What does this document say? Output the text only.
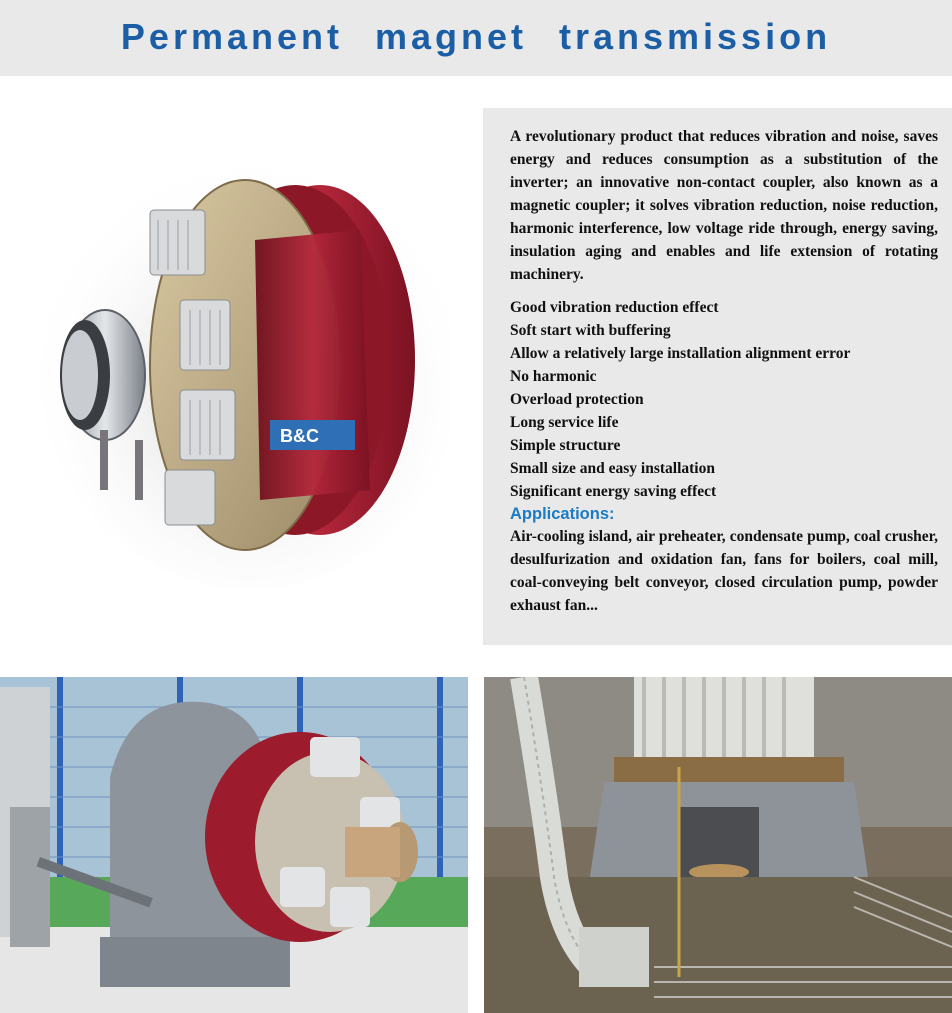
Permanent magnet transmission
B&C

A revolutionary product that reduces vibration and noise, saves energy and reduces consumption as a substitution of the inverter; an innovative non-contact coupler, also known as a magnetic coupler; it solves vibration reduction, noise reduction, harmonic interference, low voltage ride through, energy saving, insulation aging and enables and life extension of rotating machinery.

Good vibration reduction effect
Soft start with buffering
Allow a relatively large installation alignment error
No harmonic
Overload protection
Long service life
Simple structure
Small size and easy installation
Significant energy saving effect

Applications:

Air-cooling island, air preheater, condensate pump, coal crusher, desulfurization and oxidation fan, fans for boilers, coal mill, coal-conveying belt conveyor, closed circulation pump, powder exhaust fan...
